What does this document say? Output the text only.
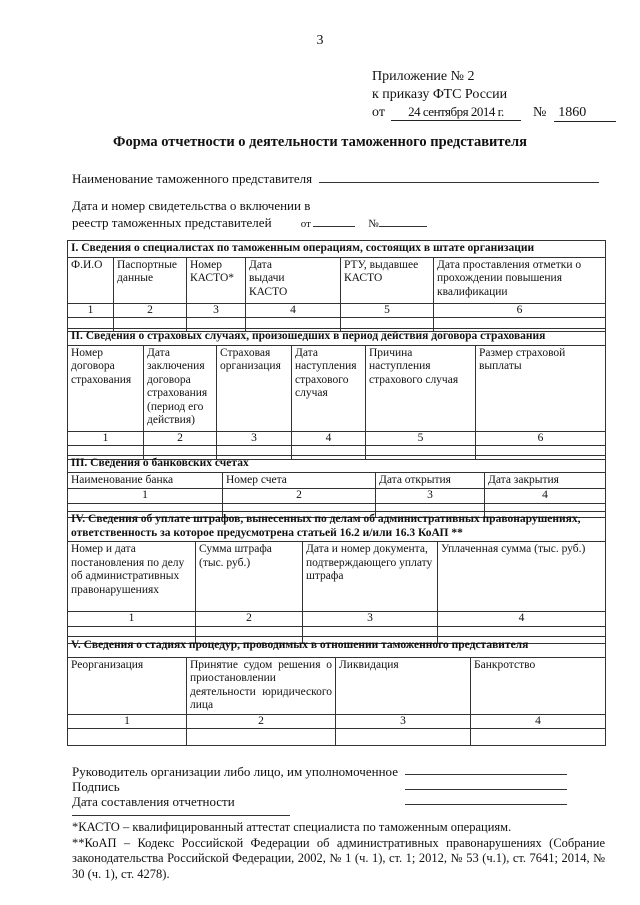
3
Приложение № 2
к приказу ФТС России
от 24 сентября 2014 г. № 1860
Форма отчетности о деятельности таможенного представителя
Наименование таможенного представителя
Дата и номер свидетельства о включении в
реестр таможенных представителей	от	№
I. Сведения о специалистах по таможенным операциям, состоящих в штате организации					
Ф.И.О	Паспортные данные	Номер КАСТО*	Дата выдачи КАСТО	РТУ, выдавшее КАСТО	Дата проставления отметки о прохождении повышения квалификации
1	2	3	4	5	6

II. Сведения о страховых случаях, произошедших в период действия договора страхования					
Номер договора страхования	Дата заключения договора страхования (период его действия)	Страховая организация	Дата наступления страхового случая	Причина наступления страхового случая	Размер страховой выплаты
1	2	3	4	5	6

III. Сведения о банковских счетах			
Наименование банка	Номер счета	Дата открытия	Дата закрытия
1	2	3	4

IV. Сведения об уплате штрафов, вынесенных по делам об административных правонарушениях, ответственность за которое предусмотрена статьей 16.2 и/или 16.3 КоАП **			
Номер и дата постановления по делу об административных правонарушениях	Сумма штрафа (тыс. руб.)	Дата и номер документа, подтверждающего уплату штрафа	Уплаченная сумма (тыс. руб.)
1	2	3	4

V. Сведения о стадиях процедур, проводимых в отношении таможенного представителя			
Реорганизация	Принятие судом решения о приостановлении деятельности юридического лица	Ликвидация	Банкротство
1	2	3	4

Руководитель организации либо лицо, им уполномоченное
Подпись
Дата составления отчетности
*КАСТО – квалифицированный аттестат специалиста по таможенным операциям.
**КоАП – Кодекс Российской Федерации об административных правонарушениях (Собрание законодательства Российской Федерации, 2002, № 1 (ч. 1), ст. 1; 2012, № 53 (ч.1), ст. 7641; 2014, № 30 (ч. 1), ст. 4278).
